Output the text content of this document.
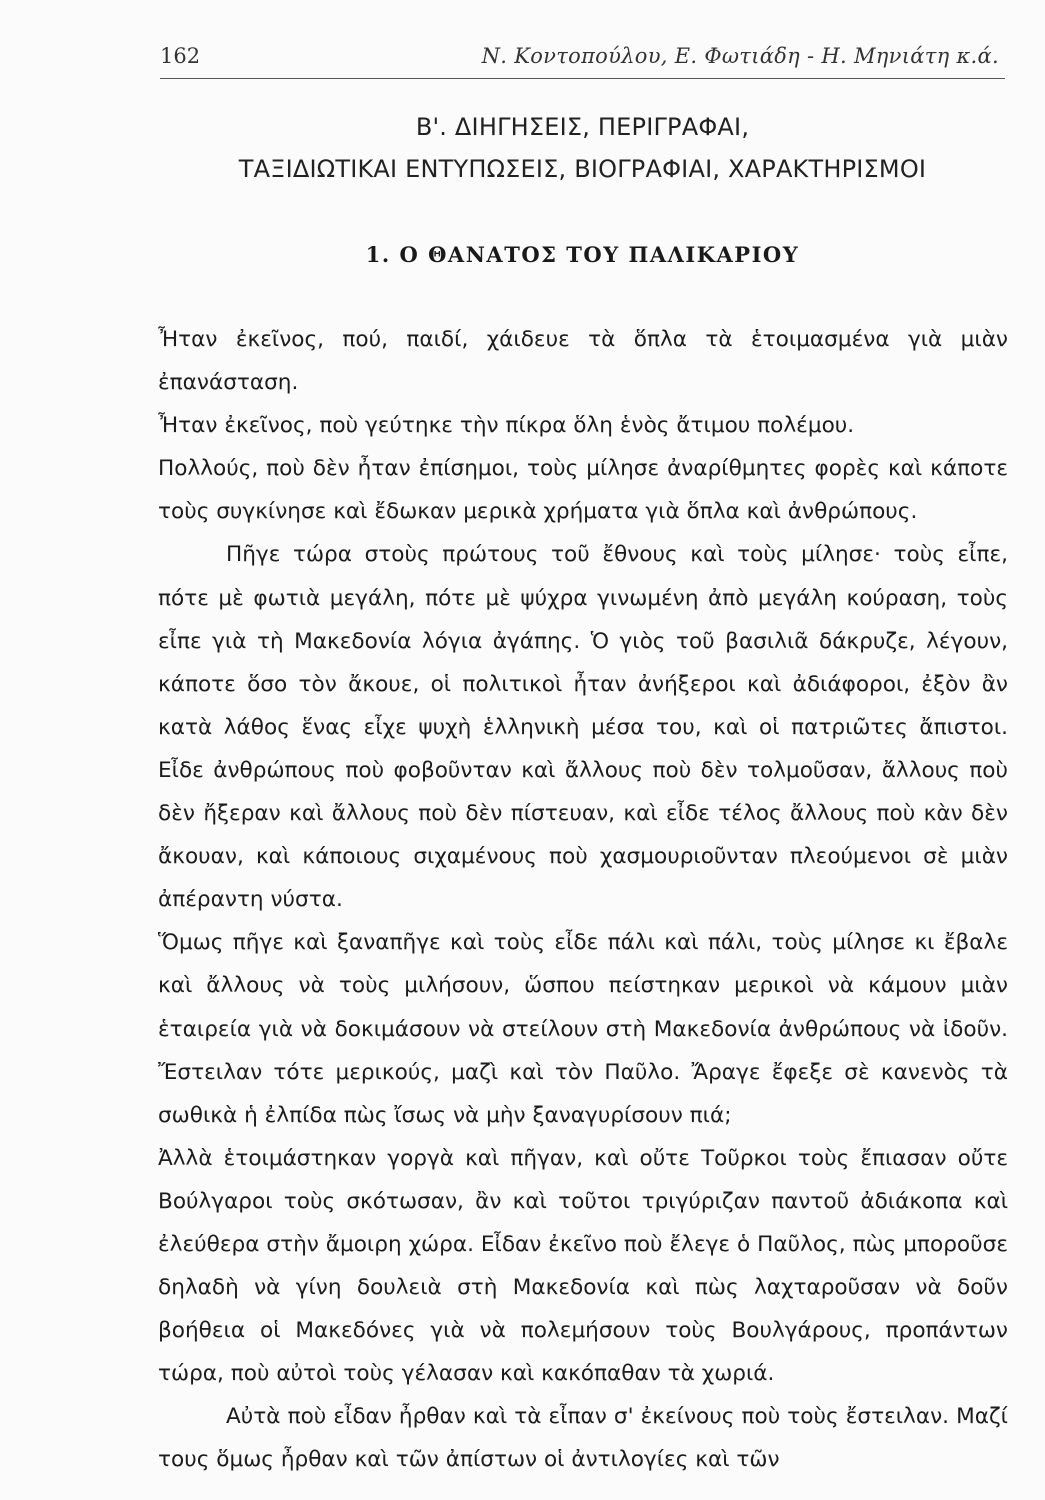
162	Ν. Κοντοπούλου, Ε. Φωτιάδη - Η. Μηνιάτη κ.ά.
Β'. ΔΙΗΓΗΣΕΙΣ, ΠΕΡΙΓΡΑΦΑΙ,
ΤΑΞΙΔΙΩΤΙΚΑΙ ΕΝΤΥΠΩΣΕΙΣ, ΒΙΟΓΡΑΦΙΑΙ, ΧΑΡΑΚΤΗΡΙΣΜΟΙ
1. Ο ΘΑΝΑΤΟΣ ΤΟΥ ΠΑΛΙΚΑΡΙΟΥ

Ἦταν ἐκεῖνος, πού, παιδί, χάιδευε τὰ ὅπλα τὰ ἑτοιμασμένα γιὰ μιὰν ἐπανάσταση.

Ἦταν ἐκεῖνος, ποὺ γεύτηκε τὴν πίκρα ὅλη ἑνὸς ἄτιμου πολέμου.

Πολλούς, ποὺ δὲν ἦταν ἐπίσημοι, τοὺς μίλησε ἀναρίθμητες φορὲς καὶ κάποτε τοὺς συγκίνησε καὶ ἔδωκαν μερικὰ χρήματα γιὰ ὅπλα καὶ ἀνθρώπους.

Πῆγε τώρα στοὺς πρώτους τοῦ ἔθνους καὶ τοὺς μίλησε· τοὺς εἶπε, πότε μὲ φωτιὰ μεγάλη, πότε μὲ ψύχρα γινωμένη ἀπὸ μεγάλη κούραση, τοὺς εἶπε γιὰ τὴ Μακεδονία λόγια ἀγάπης. Ὁ γιὸς τοῦ βασιλιᾶ δάκρυζε, λέγουν, κάποτε ὅσο τὸν ἄκουε, οἱ πολιτικοὶ ἦταν ἀνήξεροι καὶ ἀδιάφοροι, ἐξὸν ἂν κατὰ λάθος ἕνας εἶχε ψυχὴ ἑλληνικὴ μέσα του, καὶ οἱ πατριῶτες ἄπιστοι. Εἶδε ἀνθρώπους ποὺ φοβοῦνταν καὶ ἄλλους ποὺ δὲν τολμοῦσαν, ἄλλους ποὺ δὲν ἤξεραν καὶ ἄλλους ποὺ δὲν πίστευαν, καὶ εἶδε τέλος ἄλλους ποὺ κὰν δὲν ἄκουαν, καὶ κάποιους σιχαμένους ποὺ χασμουριοῦνταν πλεούμενοι σὲ μιὰν ἀπέραντη νύστα.

Ὅμως πῆγε καὶ ξαναπῆγε καὶ τοὺς εἶδε πάλι καὶ πάλι, τοὺς μίλησε κι ἔβαλε καὶ ἄλλους νὰ τοὺς μιλήσουν, ὥσπου πείστηκαν μερικοὶ νὰ κάμουν μιὰν ἑταιρεία γιὰ νὰ δοκιμάσουν νὰ στείλουν στὴ Μακεδονία ἀνθρώπους νὰ ἰδοῦν. Ἔστειλαν τότε μερικούς, μαζὶ καὶ τὸν Παῦλο. Ἄραγε ἔφεξε σὲ κανενὸς τὰ σωθικὰ ἡ ἐλπίδα πὼς ἴσως νὰ μὴν ξαναγυρίσουν πιά;

Ἀλλὰ ἑτοιμάστηκαν γοργὰ καὶ πῆγαν, καὶ οὔτε Τοῦρκοι τοὺς ἔπιασαν οὔτε Βούλγαροι τοὺς σκότωσαν, ἂν καὶ τοῦτοι τριγύριζαν παντοῦ ἀδιάκοπα καὶ ἐλεύθερα στὴν ἄμοιρη χώρα. Εἶδαν ἐκεῖνο ποὺ ἔλεγε ὁ Παῦλος, πὼς μποροῦσε δηλαδὴ νὰ γίνη δουλειὰ στὴ Μακεδονία καὶ πὼς λαχταροῦσαν νὰ δοῦν βοήθεια οἱ Μακεδόνες γιὰ νὰ πολεμήσουν τοὺς Βουλγάρους, προπάντων τώρα, ποὺ αὐτοὶ τοὺς γέλασαν καὶ κακόπαθαν τὰ χωριά.

Αὐτὰ ποὺ εἶδαν ἦρθαν καὶ τὰ εἶπαν σ' ἐκείνους ποὺ τοὺς ἔστειλαν. Μαζί τους ὅμως ἦρθαν καὶ τῶν ἀπίστων οἱ ἀντιλογίες καὶ τῶν
